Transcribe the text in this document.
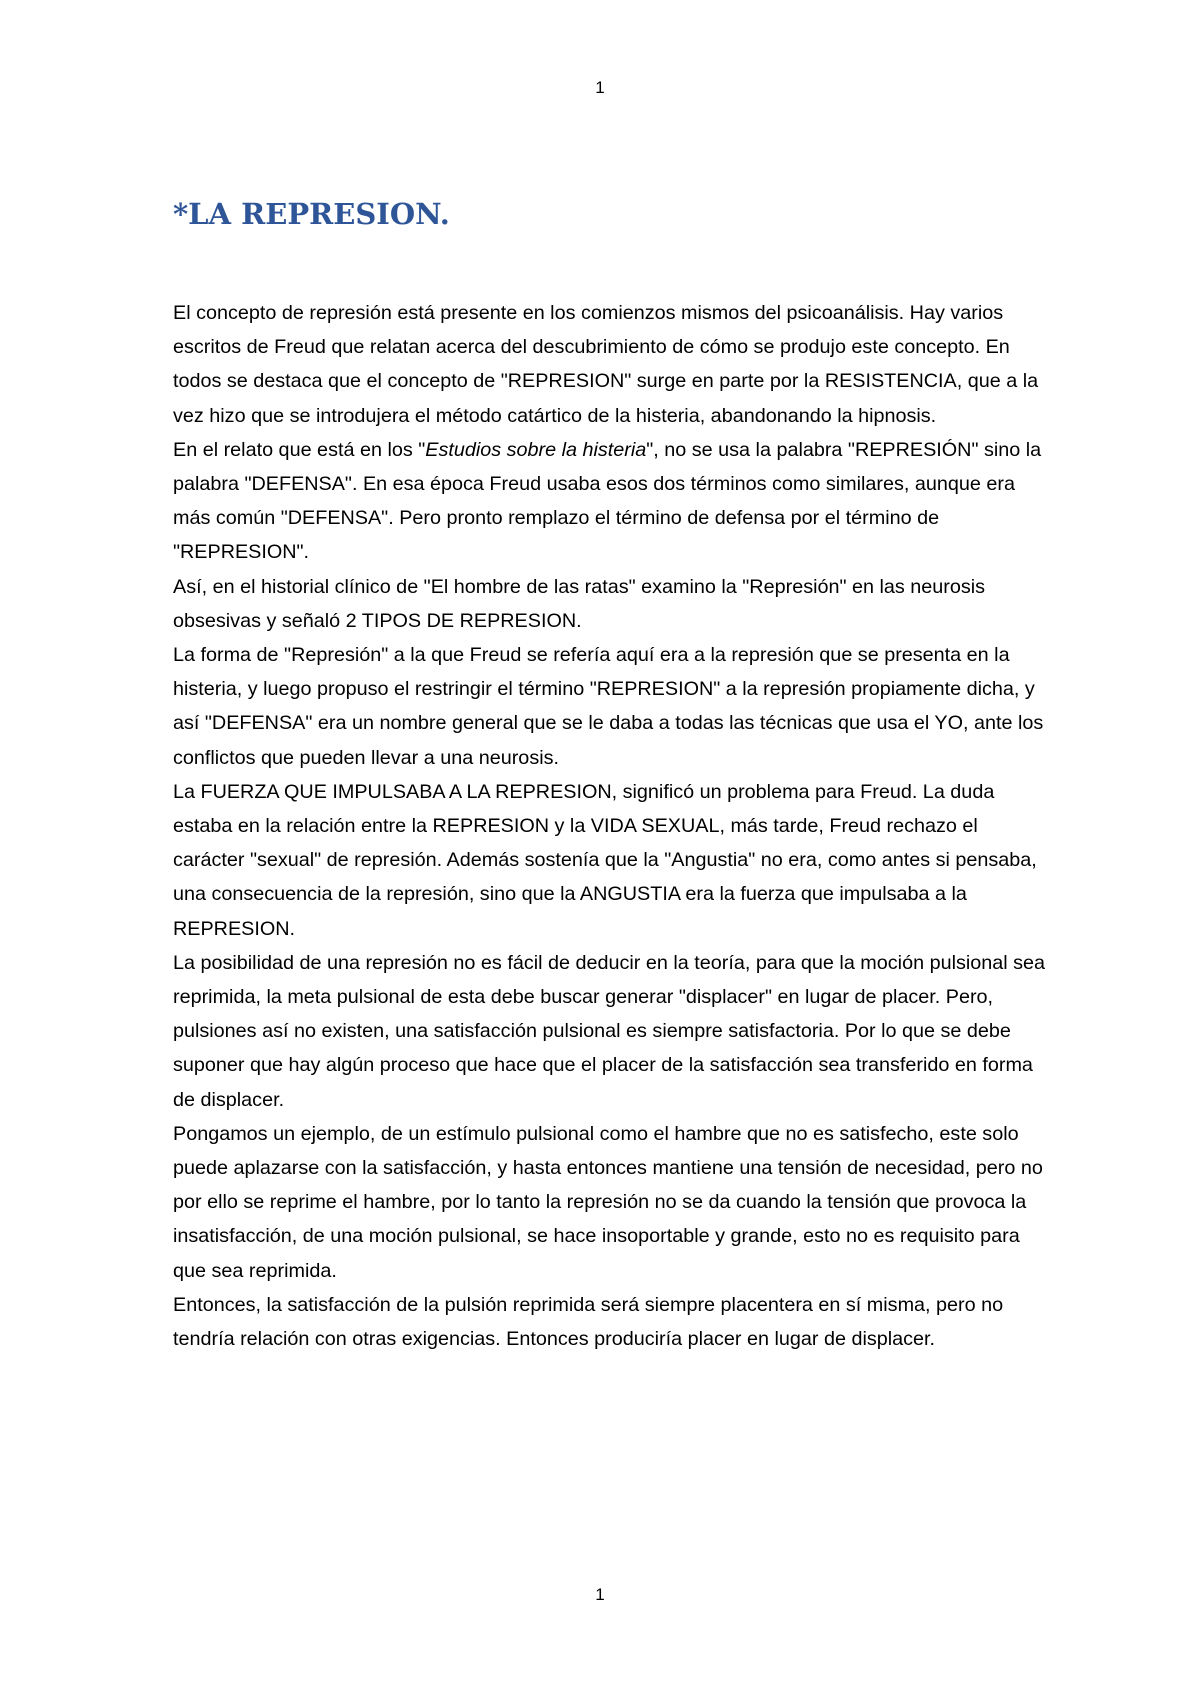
1
*LA REPRESION.

El concepto de represión está presente en los comienzos mismos del psicoanálisis. Hay varios escritos de Freud que relatan acerca del descubrimiento de cómo se produjo este concepto. En todos se destaca que el concepto de "REPRESION" surge en parte por la RESISTENCIA, que a la vez hizo que se introdujera el método catártico de la histeria, abandonando la hipnosis.

En el relato que está en los "Estudios sobre la histeria", no se usa la palabra "REPRESIÓN" sino la palabra "DEFENSA". En esa época Freud usaba esos dos términos como similares, aunque era más común "DEFENSA". Pero pronto remplazo el término de defensa por el término de "REPRESION".

Así, en el historial clínico de "El hombre de las ratas" examino la "Represión" en las neurosis obsesivas y señaló 2 TIPOS DE REPRESION.

La forma de "Represión" a la que Freud se refería aquí era a la represión que se presenta en la histeria, y luego propuso el restringir el término "REPRESION" a la represión propiamente dicha, y así "DEFENSA" era un nombre general que se le daba a todas las técnicas que usa el YO, ante los conflictos que pueden llevar a una neurosis.

La FUERZA QUE IMPULSABA A LA REPRESION, significó un problema para Freud. La duda estaba en la relación entre la REPRESION y la VIDA SEXUAL, más tarde, Freud rechazo el carácter "sexual" de represión. Además sostenía que la "Angustia" no era, como antes si pensaba, una consecuencia de la represión, sino que la ANGUSTIA era la fuerza que impulsaba a la REPRESION.

La posibilidad de una represión no es fácil de deducir en la teoría, para que la moción pulsional sea reprimida, la meta pulsional de esta debe buscar generar "displacer" en lugar de placer. Pero, pulsiones así no existen, una satisfacción pulsional es siempre satisfactoria. Por lo que se debe suponer que hay algún proceso que hace que el placer de la satisfacción sea transferido en forma de displacer.

Pongamos un ejemplo, de un estímulo pulsional como el hambre que no es satisfecho, este solo puede aplazarse con la satisfacción, y hasta entonces mantiene una tensión de necesidad, pero no por ello se reprime el hambre, por lo tanto la represión no se da cuando la tensión que provoca la insatisfacción, de una moción pulsional, se hace insoportable y grande, esto no es requisito para que sea reprimida.

Entonces, la satisfacción de la pulsión reprimida será siempre placentera en sí misma, pero no tendría relación con otras exigencias. Entonces produciría placer en lugar de displacer.

1
